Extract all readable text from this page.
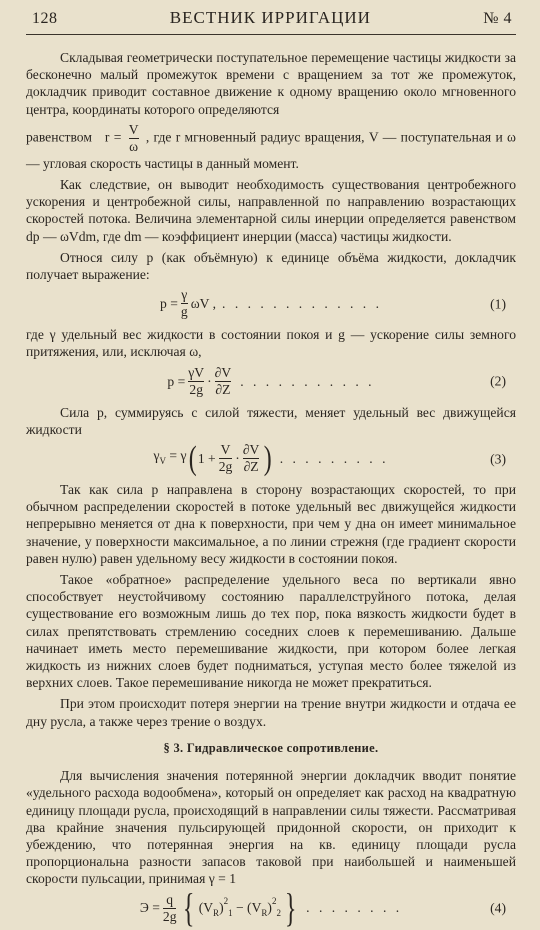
128	ВЕСТНИК ИРРИГАЦИИ	№ 4

Складывая геометрически поступательное перемещение частицы жидкости за бесконечно малый промежуток времени с вращением за тот же промежуток, докладчик приводит составное движение к одному вращению около мгновенного центра, координаты которого определяются

равенством   $r = \frac{V}{\omega}$ , где r мгновенный радиус вращения, V — поступательная и ω — угловая скорость частицы в данный момент.

Как следствие, он выводит необходимость существования центробежного ускорения и центробежной силы, направленной по направлению возрастающих скоростей потока. Величина элементарной силы инерции определяется равенством dp — ωVdm, где dm — коэффициент инерции (масса) частицы жидкости.

Относя силу p (как объёмную) к единице объёма жидкости, докладчик получает выражение:

$p = \frac{\gamma}{g}$ ωV , . . . . . . . . . . . . .	(1)

где γ удельный вес жидкости в состоянии покоя и g — ускорение силы земного притяжения, или, исключая ω,

$p = \frac{\gamma V}{2g} \cdot \frac{\partial V}{\partial Z}$ . . . . . . . . . . .	(2)

Сила p, суммируясь с силой тяжести, меняет удельный вес движущейся жидкости

$\gamma_V = \gamma$ ( $1 + \frac{V}{2g} \cdot \frac{\partial V}{\partial Z}$ ) . . . . . . . . .	(3)

Так как сила p направлена в сторону возрастающих скоростей, то при обычном распределении скоростей в потоке удельный вес движущейся жидкости непрерывно меняется от дна к поверхности, при чем у дна он имеет минимальное значение, у поверхности максимальное, а по линии стрежня (где градиент скорости равен нулю) равен удельному весу жидкости в состоянии покоя.

Такое «обратное» распределение удельного веса по вертикали явно способствует неустойчивому состоянию параллелструйного потока, делая существование его возможным лишь до тех пор, пока вязкость жидкости будет в силах препятствовать стремлению соседних слоев к перемешиванию. Дальше начинает иметь место перемешивание жидкости, при котором более легкая жидкость из нижних слоев будет подниматься, уступая место более тяжелой из верхних слоев. Такое перемешивание никогда не может прекратиться.

При этом происходит потеря энергии на трение внутри жидкости и отдача ее дну русла, а также через трение о воздух.

§ 3. Гидравлическое сопротивление.

Для вычисления значения потерянной энергии докладчик вводит понятие «удельного расхода водообмена», который он определяет как расход на квадратную единицу площади русла, происходящий в направлении силы тяжести. Рассматривая два крайние значения пульсирующей придонной скорости, он приходит к убеждению, что потерянная энергия на кв. единицу площади русла пропорциональна разности запасов таковой при наибольшей и наименьшей скорости пульсации, принимая γ = 1

$Э = \frac{q}{2g}$ { $(V_R)^2_1 - (V_R)^2_2$ } . . . . . . . .	(4)
